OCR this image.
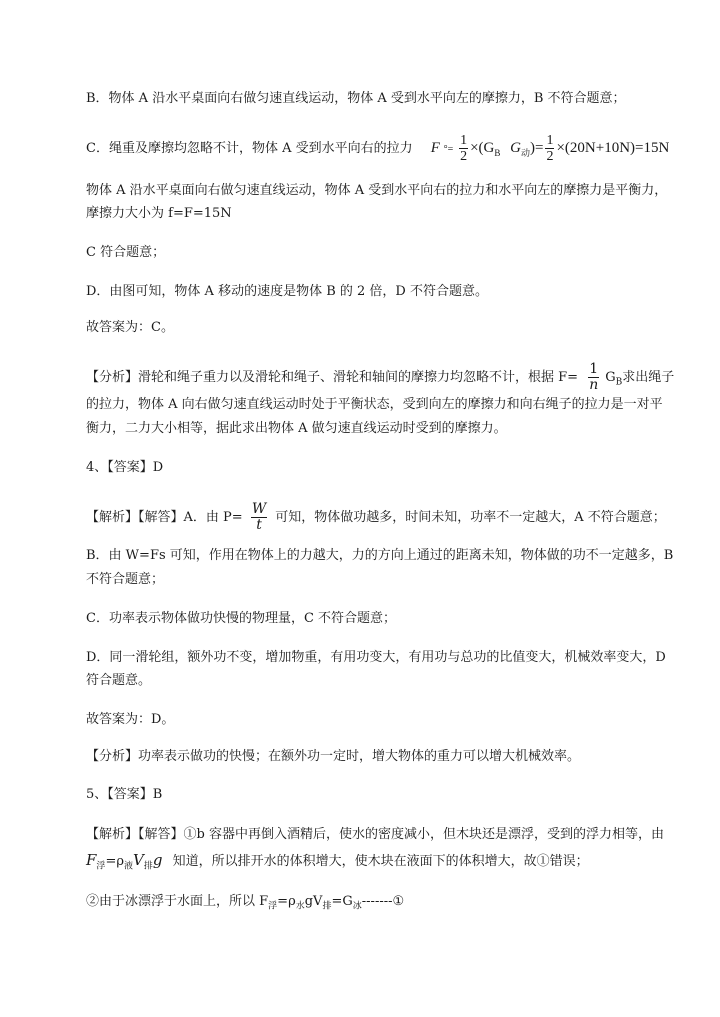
B．物体 A 沿水平桌面向右做匀速直线运动，物体 A 受到水平向左的摩擦力，B 不符合题意；
C．绳重及摩擦均忽略不计，物体 A 受到水平向右的拉力 F °= $\frac{1}{2} \times(G_B$ $G_动)= \frac{1}{2} \times(20N+10N)=15N$
物体 A 沿水平桌面向右做匀速直线运动，物体 A 受到水平向右的拉力和水平向左的摩擦力是平衡力，
摩擦力大小为 f=F=15N
C 符合题意；
D．由图可知，物体 A 移动的速度是物体 B 的 2 倍，D 不符合题意。
故答案为：C。
【分析】滑轮和绳子重力以及滑轮和绳子、滑轮和轴间的摩擦力均忽略不计，根据 $F= \frac{1}{n} G_B$求出绳子
的拉力，物体 A 向右做匀速直线运动时处于平衡状态，受到向左的摩擦力和向右绳子的拉力是一对平
衡力，二力大小相等，据此求出物体 A 做匀速直线运动时受到的摩擦力。
4、【答案】D
【解析】【解答】A．由 $P= \frac{W}{t}$ 可知，物体做功越多，时间未知，功率不一定越大，A 不符合题意；
B．由 W=Fs 可知，作用在物体上的力越大，力的方向上通过的距离未知，物体做的功不一定越多，B
不符合题意；
C．功率表示物体做功快慢的物理量，C 不符合题意；
D．同一滑轮组，额外功不变，增加物重，有用功变大，有用功与总功的比值变大，机械效率变大，D
符合题意。
故答案为：D。
【分析】功率表示做功的快慢；在额外功一定时，增大物体的重力可以增大机械效率。
5、【答案】B
【解析】【解答】①b 容器中再倒入酒精后，使水的密度减小，但木块还是漂浮，受到的浮力相等，由
$F_浮=\rho_液V_排g$ 知道，所以排开水的体积增大，使木块在液面下的体积增大，故①错误；
②由于冰漂浮于水面上，所以 $F_浮=\rho_水gV_排=G_冰-------①$
